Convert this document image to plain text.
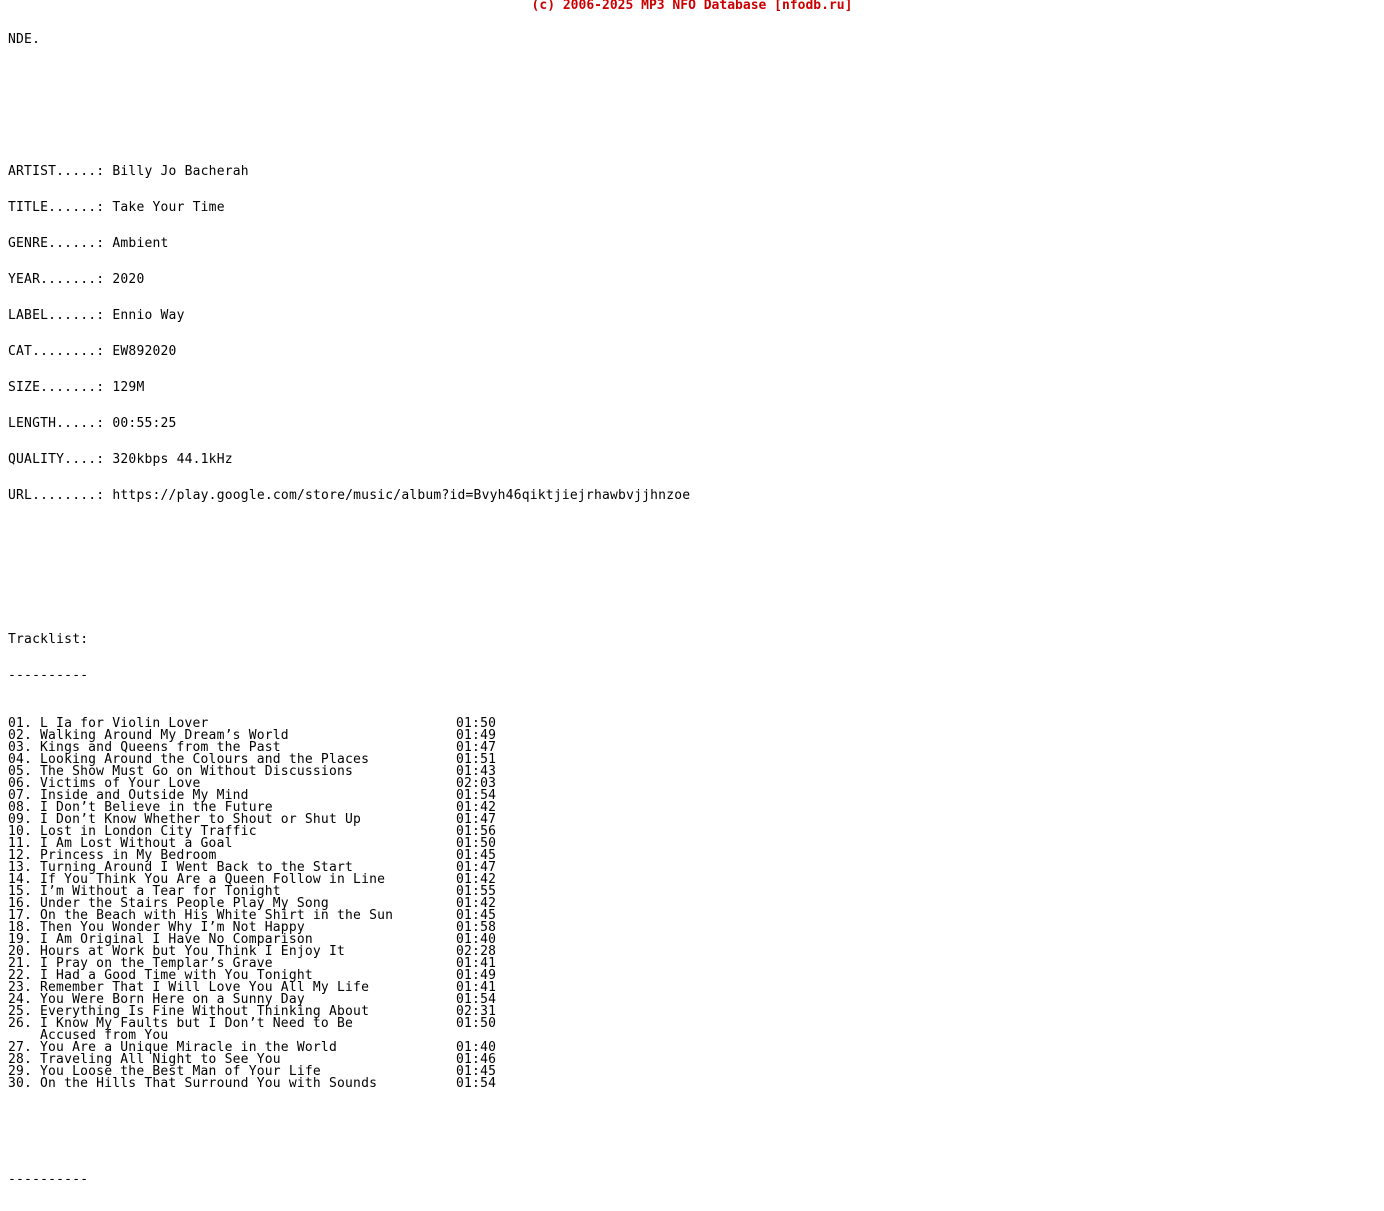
(c) 2006-2025 MP3 NFO Database [nfodb.ru]

NDE.

ARTIST.....: Billy Jo Bacherah

TITLE......: Take Your Time

GENRE......: Ambient

YEAR.......: 2020

LABEL......: Ennio Way

CAT........: EW892020

SIZE.......: 129M

LENGTH.....: 00:55:25

QUALITY....: 320kbps 44.1kHz

URL........: https://play.google.com/store/music/album?id=Bvyh46qiktjiejrhawbvjjhnzoe

Tracklist:

----------

01. L Ia for Violin Lover	01:50
02. Walking Around My Dream’s World	01:49
03. Kings and Queens from the Past	01:47
04. Looking Around the Colours and the Places	01:51
05. The Show Must Go on Without Discussions	01:43
06. Victims of Your Love	02:03
07. Inside and Outside My Mind	01:54
08. I Don’t Believe in the Future	01:42
09. I Don’t Know Whether to Shout or Shut Up	01:47
10. Lost in London City Traffic	01:56
11. I Am Lost Without a Goal	01:50
12. Princess in My Bedroom	01:45
13. Turning Around I Went Back to the Start	01:47
14. If You Think You Are a Queen Follow in Line	01:42
15. I’m Without a Tear for Tonight	01:55
16. Under the Stairs People Play My Song	01:42
17. On the Beach with His White Shirt in the Sun	01:45
18. Then You Wonder Why I’m Not Happy	01:58
19. I Am Original I Have No Comparison	01:40
20. Hours at Work but You Think I Enjoy It	02:28
21. I Pray on the Templar’s Grave	01:41
22. I Had a Good Time with You Tonight	01:49
23. Remember That I Will Love You All My Life	01:41
24. You Were Born Here on a Sunny Day	01:54
25. Everything Is Fine Without Thinking About	02:31
26. I Know My Faults but I Don’t Need to Be	01:50
Accused from You
27. You Are a Unique Miracle in the World	01:40
28. Traveling All Night to See You	01:46
29. You Loose the Best Man of Your Life	01:45
30. On the Hills That Surround You with Sounds	01:54

----------
